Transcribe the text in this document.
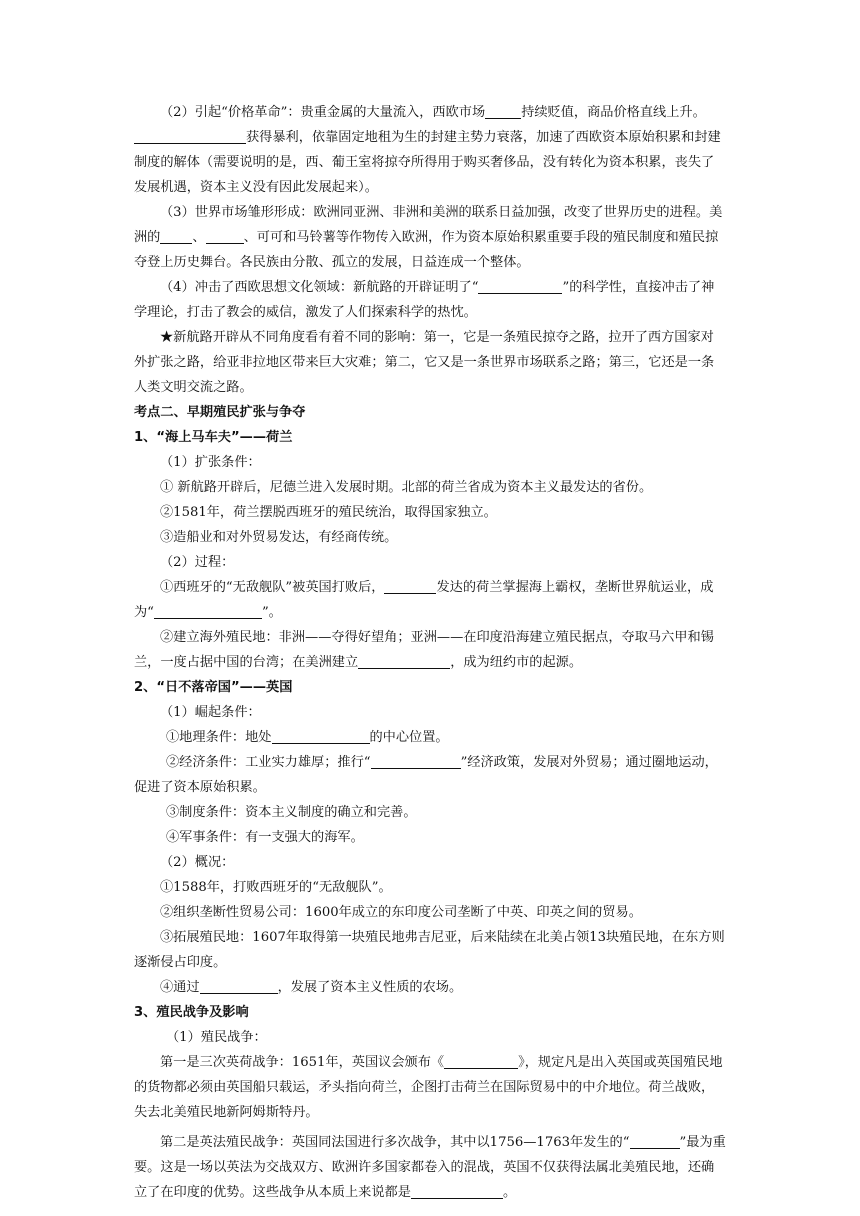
（2）引起“价格革命”：贵重金属的大量流入，西欧市场	持续贬值，商品价格直线上升。获得暴利，依靠固定地租为生的封建主势力衰落，加速了西欧资本原始积累和封建制度的解体（需要说明的是，西、葡王室将掠夺所得用于购买奢侈品，没有转化为资本积累，丧失了发展机遇，资本主义没有因此发展起来）。

（3）世界市场雏形形成：欧洲同亚洲、非洲和美洲的联系日益加强，改变了世界历史的进程。美洲的 、	、可可和马铃薯等作物传入欧洲，作为资本原始积累重要手段的殖民制度和殖民掠夺登上历史舞台。各民族由分散、孤立的发展，日益连成一个整体。

（4）冲击了西欧思想文化领域：新航路的开辟证明了“	”的科学性，直接冲击了神学理论，打击了教会的威信，激发了人们探索科学的热忱。

★新航路开辟从不同角度看有着不同的影响：第一，它是一条殖民掠夺之路，拉开了西方国家对外扩张之路，给亚非拉地区带来巨大灾难；第二，它又是一条世界市场联系之路；第三，它还是一条人类文明交流之路。

考点二、早期殖民扩张与争夺

1、“海上马车夫”——荷兰

（1）扩张条件：

① 新航路开辟后，尼德兰进入发展时期。北部的荷兰省成为资本主义最发达的省份。

②1581年，荷兰摆脱西班牙的殖民统治，取得国家独立。

③造船业和对外贸易发达，有经商传统。

（2）过程：

①西班牙的“无敌舰队”被英国打败后，	发达的荷兰掌握海上霸权，垄断世界航运业，成为“	”。

②建立海外殖民地：非洲——夺得好望角；亚洲——在印度沿海建立殖民据点，夺取马六甲和锡兰，一度占据中国的台湾；在美洲建立	，成为纽约市的起源。

2、“日不落帝国”——英国

（1）崛起条件：

①地理条件：地处	的中心位置。

②经济条件：工业实力雄厚；推行“	”经济政策，发展对外贸易；通过圈地运动，促进了资本原始积累。

③制度条件：资本主义制度的确立和完善。

④军事条件：有一支强大的海军。

（2）概况：

①1588年，打败西班牙的“无敌舰队”。

②组织垄断性贸易公司：1600年成立的东印度公司垄断了中英、印英之间的贸易。

③拓展殖民地：1607年取得第一块殖民地弗吉尼亚，后来陆续在北美占领13块殖民地，在东方则逐渐侵占印度。

④通过	，发展了资本主义性质的农场。

3、殖民战争及影响

（1）殖民战争：

第一是三次英荷战争：1651年，英国议会颁布《	》，规定凡是出入英国或英国殖民地的货物都必须由英国船只载运，矛头指向荷兰，企图打击荷兰在国际贸易中的中介地位。荷兰战败，失去北美殖民地新阿姆斯特丹。

第二是英法殖民战争：英国同法国进行多次战争，其中以1756—1763年发生的“	”最为重要。这是一场以英法为交战双方、欧洲许多国家都卷入的混战，英国不仅获得法属北美殖民地，还确立了在印度的优势。这些战争从本质上来说都是	。
